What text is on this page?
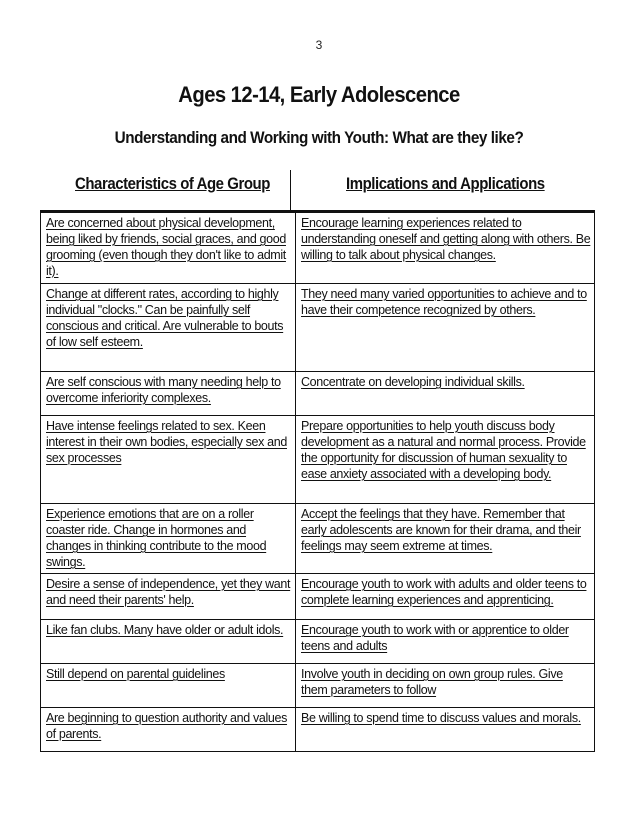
3
Ages 12-14, Early Adolescence
Understanding and Working with Youth: What are they like?
Characteristics of Age Group	Implications and Applications
Are concerned about physical development, being liked by friends, social graces, and good grooming (even though they don't like to admit it).	Encourage learning experiences related to understanding oneself and getting along with others. Be willing to talk about physical changes.
Change at different rates, according to highly individual "clocks." Can be painfully self conscious and critical. Are vulnerable to bouts of low self esteem.	They need many varied opportunities to achieve and to have their competence recognized by others.
Are self conscious with many needing help to overcome inferiority complexes.	Concentrate on developing individual skills.
Have intense feelings related to sex. Keen interest in their own bodies, especially sex and sex processes	Prepare opportunities to help youth discuss body development as a natural and normal process. Provide the opportunity for discussion of human sexuality to ease anxiety associated with a developing body.
Experience emotions that are on a roller coaster ride. Change in hormones and changes in thinking contribute to the mood swings.	Accept the feelings that they have. Remember that early adolescents are known for their drama, and their feelings may seem extreme at times.
Desire a sense of independence, yet they want and need their parents' help.	Encourage youth to work with adults and older teens to complete learning experiences and apprenticing.
Like fan clubs. Many have older or adult idols.	Encourage youth to work with or apprentice to older teens and adults
Still depend on parental guidelines	Involve youth in deciding on own group rules. Give them parameters to follow
Are beginning to question authority and values of parents.	Be willing to spend time to discuss values and morals.
